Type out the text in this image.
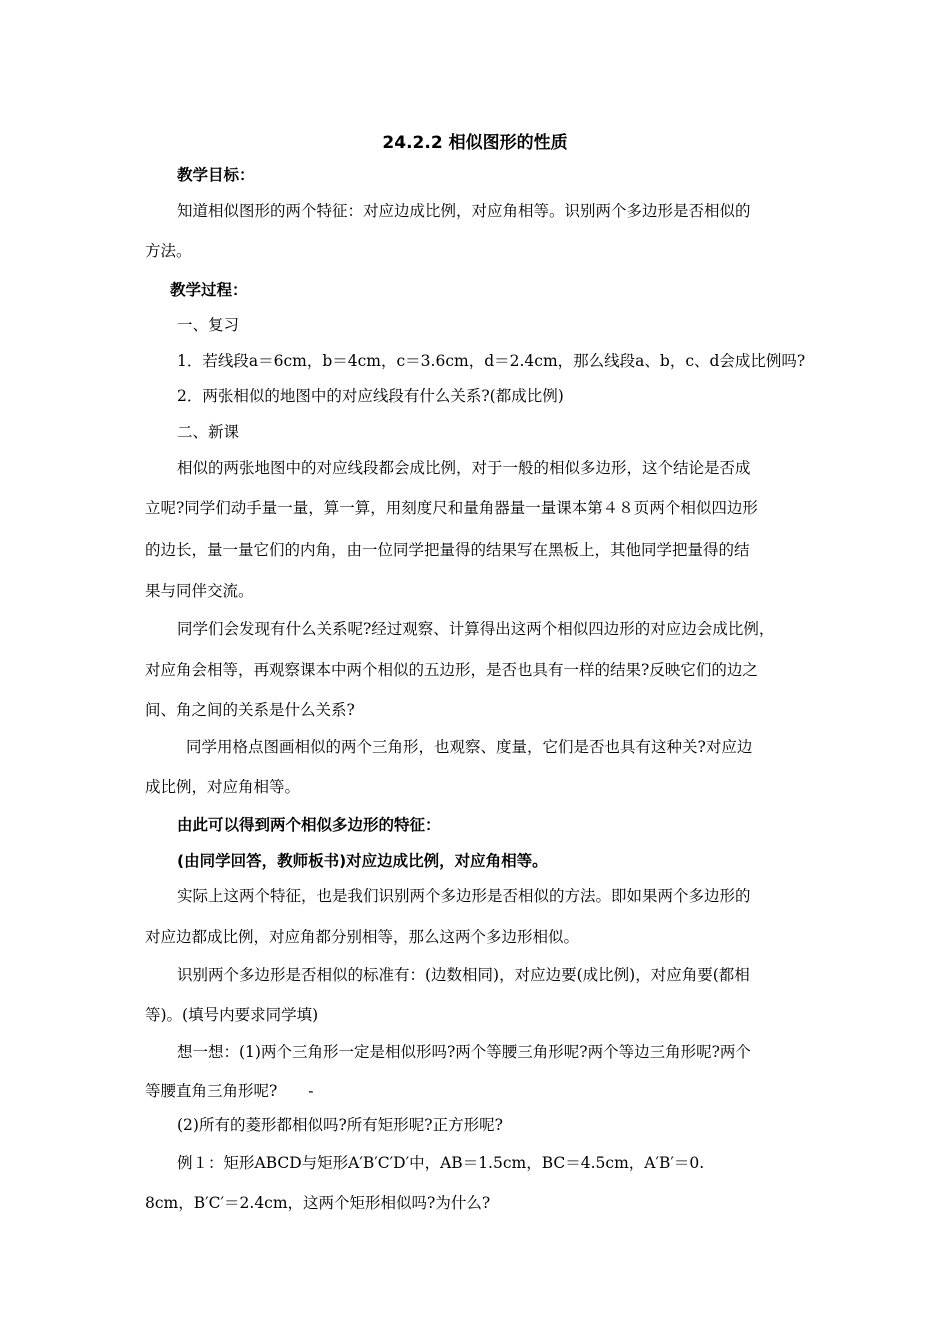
24.2.2 相似图形的性质
教学目标：
知道相似图形的两个特征：对应边成比例，对应角相等。识别两个多边形是否相似的
方法。
教学过程：
一、复习
1．若线段a＝6cm，b＝4cm，c＝3.6cm，d＝2.4cm，那么线段a、b，c、d会成比例吗?
2．两张相似的地图中的对应线段有什么关系?(都成比例)
二、新课
相似的两张地图中的对应线段都会成比例，对于一般的相似多边形，这个结论是否成
立呢?同学们动手量一量，算一算，用刻度尺和量角器量一量课本第４８页两个相似四边形
的边长，量一量它们的内角，由一位同学把量得的结果写在黑板上，其他同学把量得的结
果与同伴交流。
同学们会发现有什么关系呢?经过观察、计算得出这两个相似四边形的对应边会成比例，
对应角会相等，再观察课本中两个相似的五边形，是否也具有一样的结果?反映它们的边之
间、角之间的关系是什么关系?
同学用格点图画相似的两个三角形，也观察、度量，它们是否也具有这种关?对应边
成比例，对应角相等。
由此可以得到两个相似多边形的特征：
(由同学回答，教师板书)对应边成比例，对应角相等。
实际上这两个特征，也是我们识别两个多边形是否相似的方法。即如果两个多边形的
对应边都成比例，对应角都分别相等，那么这两个多边形相似。
识别两个多边形是否相似的标准有：(边数相同)，对应边要(成比例)，对应角要(都相
等)。(填号内要求同学填)
想一想：(1)两个三角形一定是相似形吗?两个等腰三角形呢?两个等边三角形呢?两个
等腰直角三角形呢?　　-
(2)所有的菱形都相似吗?所有矩形呢?正方形呢?
例１：矩形ABCD与矩形A′B′C′D′中，AB＝1.5cm，BC＝4.5cm，A′B′＝0.
8cm，B′C′＝2.4cm，这两个矩形相似吗?为什么?
